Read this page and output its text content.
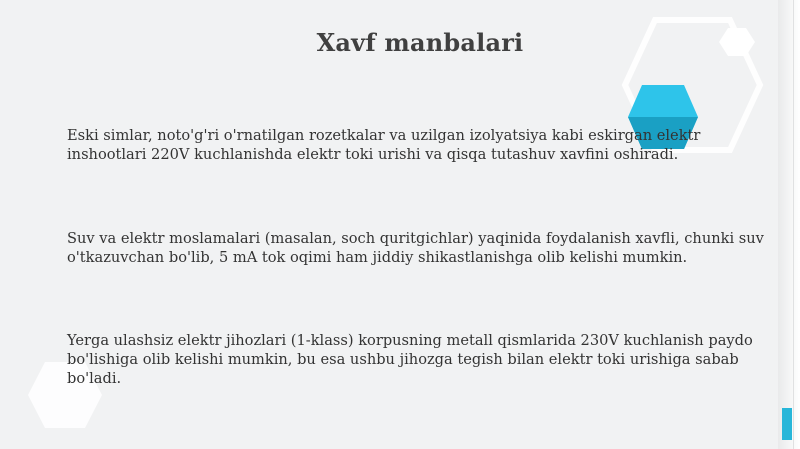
Xavf manbalari
Eski simlar, noto'g'ri o'rnatilgan rozetkalar va uzilgan izolyatsiya kabi eskirgan elektr inshootlari 220V kuchlanishda elektr toki urishi va qisqa tutashuv xavfini oshiradi.
Suv va elektr moslamalari (masalan, soch quritgichlar) yaqinida foydalanish xavfli, chunki suv o'tkazuvchan bo'lib, 5 mA tok oqimi ham jiddiy shikastlanishga olib kelishi mumkin.
Yerga ulashsiz elektr jihozlari (1-klass) korpusning metall qismlarida 230V kuchlanish paydo bo'lishiga olib kelishi mumkin, bu esa ushbu jihozga tegish bilan elektr toki urishiga sabab bo'ladi.
